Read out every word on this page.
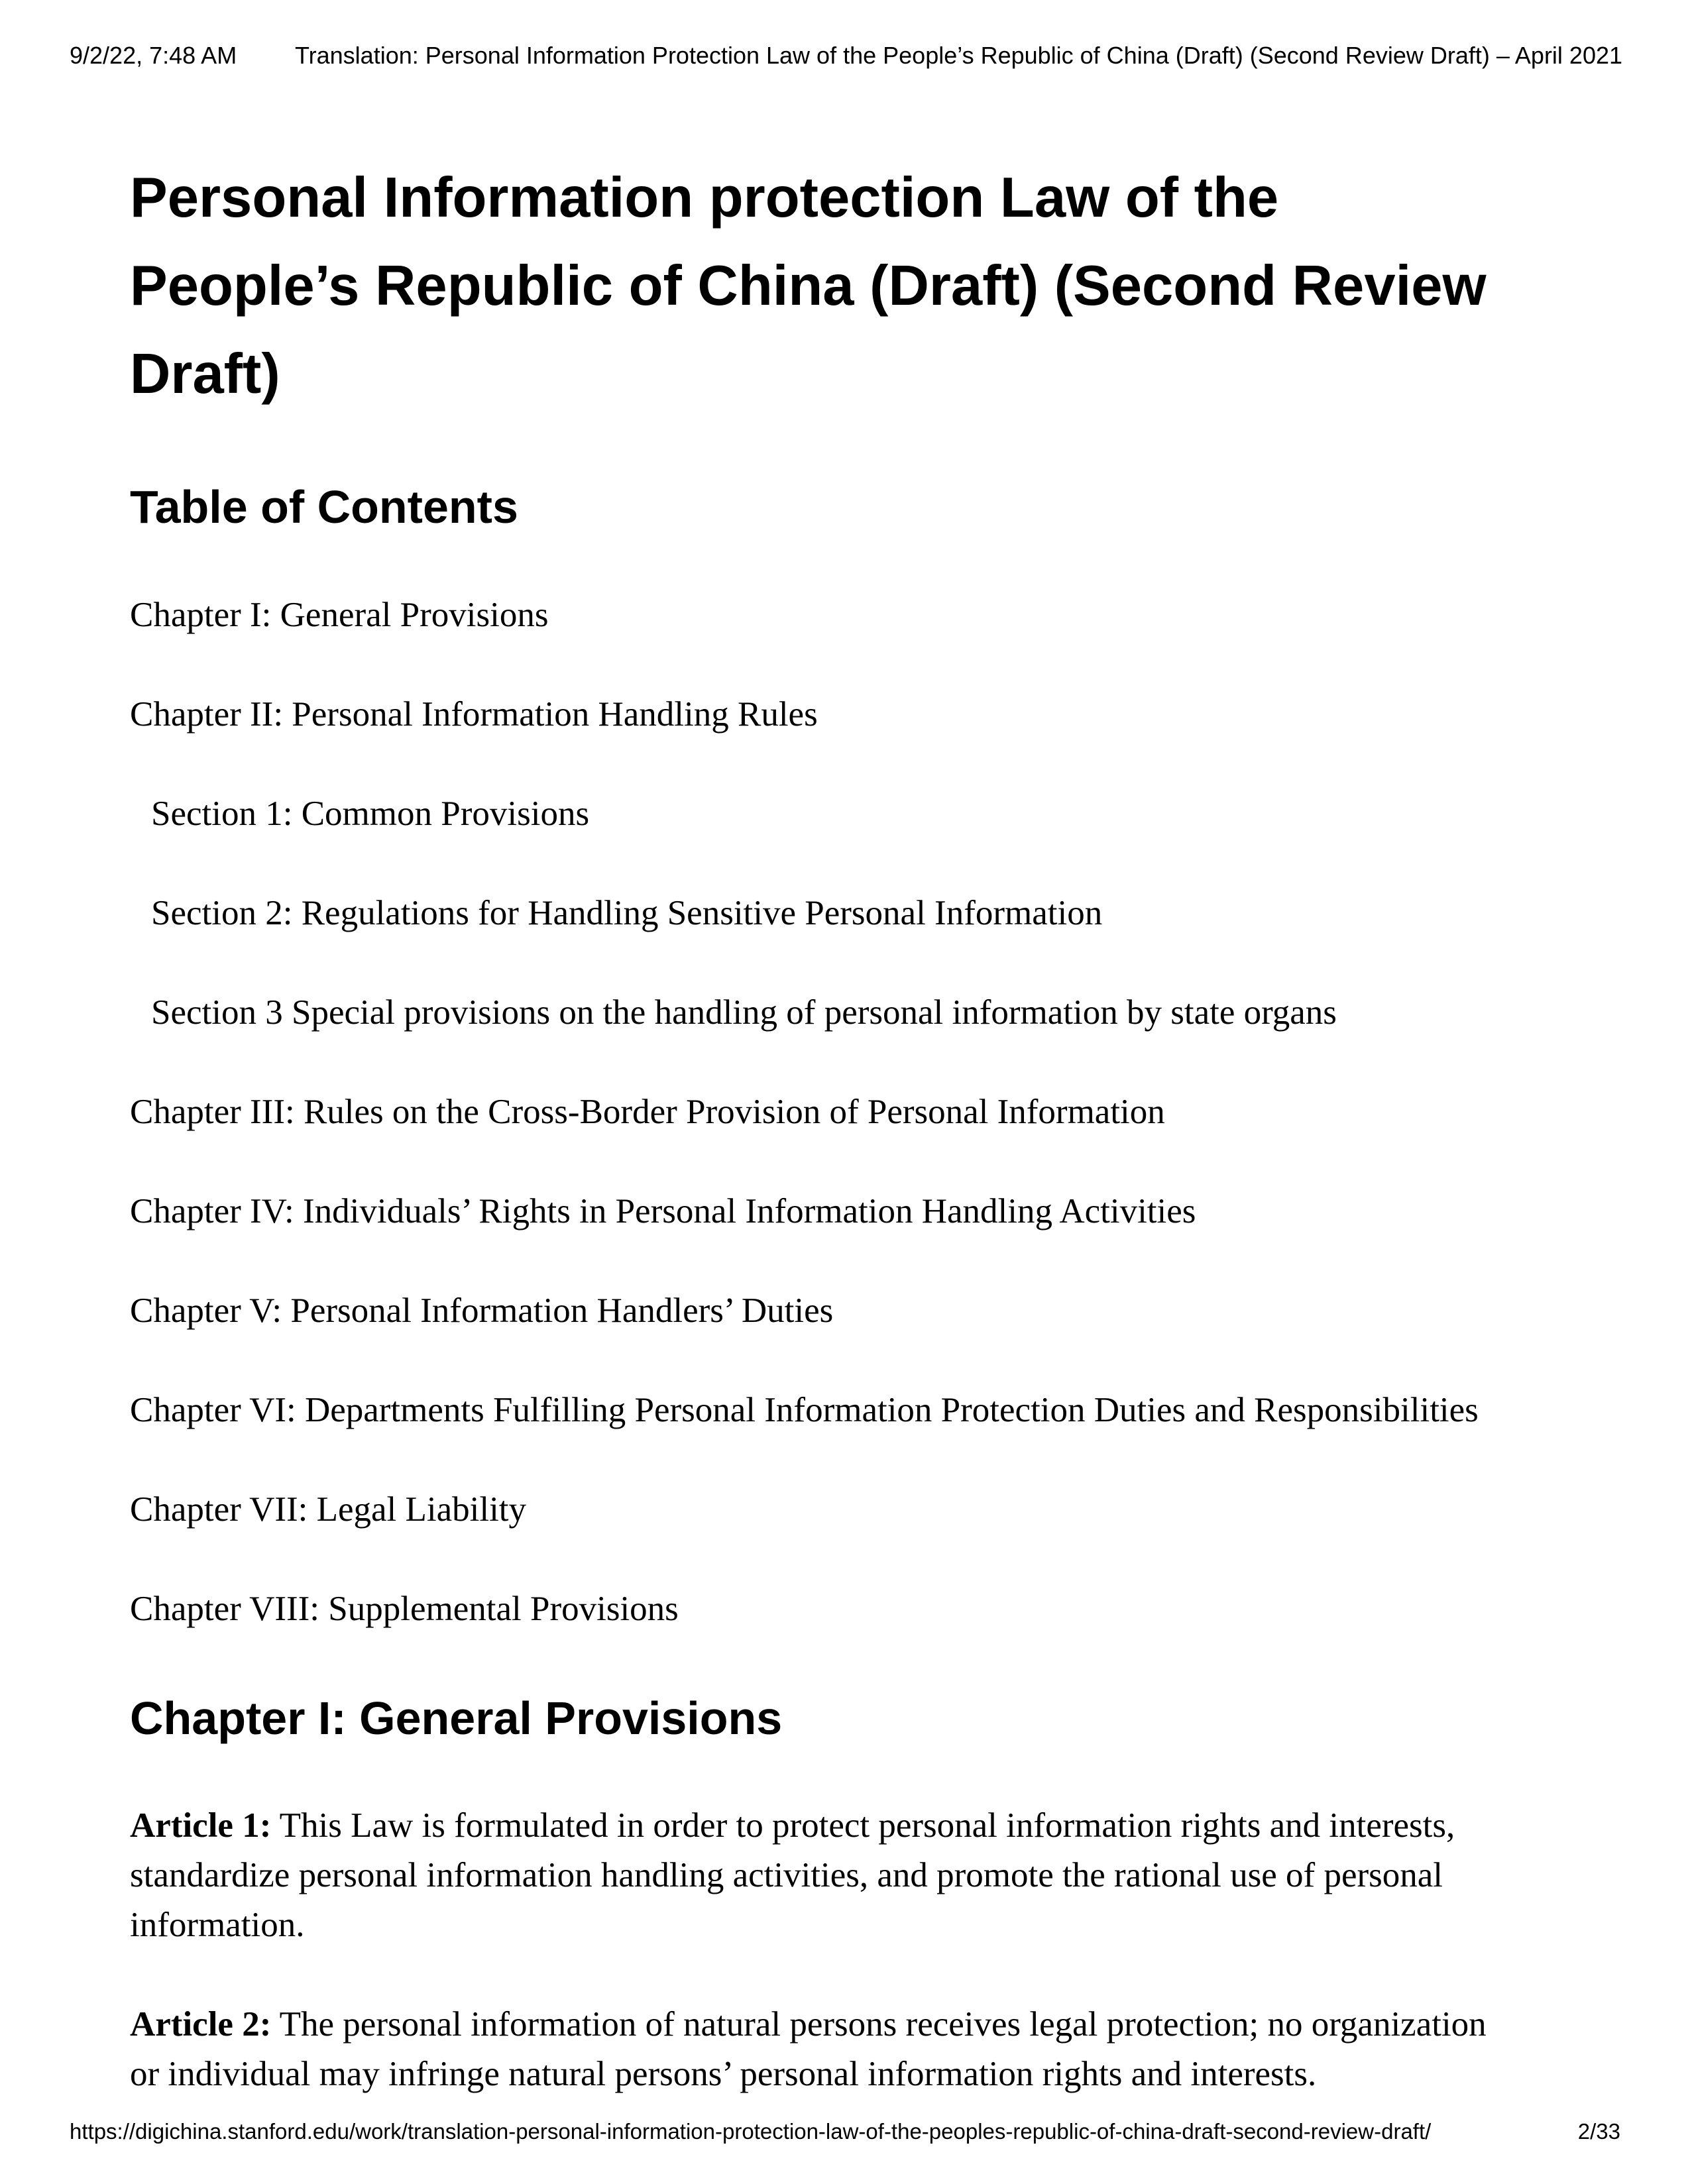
9/2/22, 7:48 AM	Translation: Personal Information Protection Law of the People’s Republic of China (Draft) (Second Review Draft) – April 2021
Personal Information protection Law of the People’s Republic of China (Draft) (Second Review Draft)
Table of Contents

Chapter I: General Provisions

Chapter II: Personal Information Handling Rules

Section 1: Common Provisions

Section 2: Regulations for Handling Sensitive Personal Information

Section 3 Special provisions on the handling of personal information by state organs

Chapter III: Rules on the Cross-Border Provision of Personal Information

Chapter IV: Individuals’ Rights in Personal Information Handling Activities

Chapter V: Personal Information Handlers’ Duties

Chapter VI: Departments Fulfilling Personal Information Protection Duties and Responsibilities

Chapter VII: Legal Liability

Chapter VIII: Supplemental Provisions

Chapter I: General Provisions

Article 1: This Law is formulated in order to protect personal information rights and interests, standardize personal information handling activities, and promote the rational use of personal information.

Article 2: The personal information of natural persons receives legal protection; no organization or individual may infringe natural persons’ personal information rights and interests.

https://digichina.stanford.edu/work/translation-personal-information-protection-law-of-the-peoples-republic-of-china-draft-second-review-draft/	2/33
